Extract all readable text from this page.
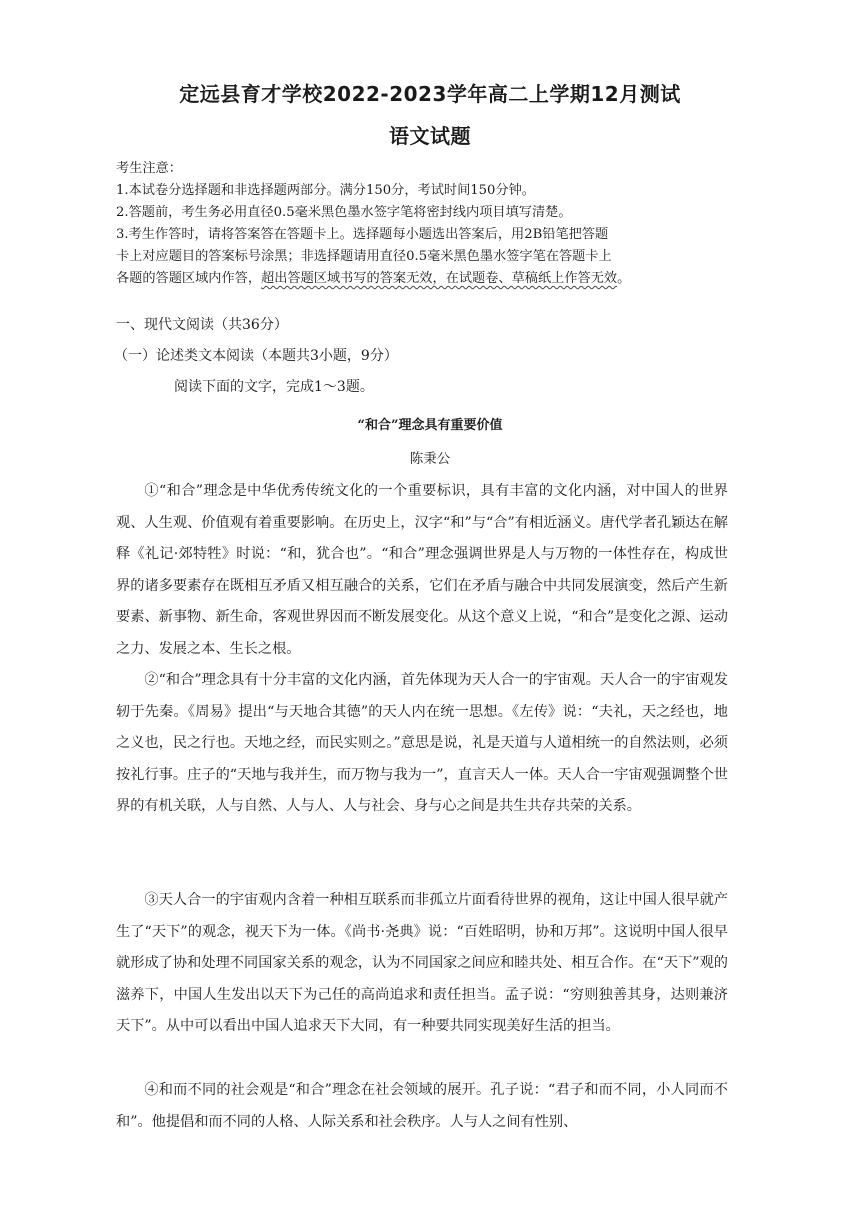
定远县育才学校2022-2023学年高二上学期12月测试
语文试题

考生注意：

1.本试卷分选择题和非选择题两部分。满分150分，考试时间150分钟。

2.答题前，考生务必用直径0.5毫米黑色墨水签字笔将密封线内项目填写清楚。

3.考生作答时，请将答案答在答题卡上。选择题每小题选出答案后，用2B铅笔把答题

卡上对应题目的答案标号涂黑；非选择题请用直径0.5毫米黑色墨水签字笔在答题卡上

各题的答题区域内作答，超出答题区域书写的答案无效，在试题卷、草稿纸上作答无效。

一、现代文阅读（共36分）

（一）论述类文本阅读（本题共3小题，9分）

阅读下面的文字，完成1～3题。

“和合”理念具有重要价值

陈秉公

①“和合”理念是中华优秀传统文化的一个重要标识，具有丰富的文化内涵，对中国人的世界观、人生观、价值观有着重要影响。在历史上，汉字“和”与“合”有相近涵义。唐代学者孔颖达在解释《礼记·郊特牲》时说：“和，犹合也”。“和合”理念强调世界是人与万物的一体性存在，构成世界的诸多要素存在既相互矛盾又相互融合的关系，它们在矛盾与融合中共同发展演变，然后产生新要素、新事物、新生命，客观世界因而不断发展变化。从这个意义上说，“和合”是变化之源、运动之力、发展之本、生长之根。

②“和合”理念具有十分丰富的文化内涵，首先体现为天人合一的宇宙观。天人合一的宇宙观发轫于先秦。《周易》提出“与天地合其德”的天人内在统一思想。《左传》说：“夫礼，天之经也，地之义也，民之行也。天地之经，而民实则之。”意思是说，礼是天道与人道相统一的自然法则，必须按礼行事。庄子的“天地与我并生，而万物与我为一”，直言天人一体。天人合一宇宙观强调整个世界的有机关联，人与自然、人与人、人与社会、身与心之间是共生共存共荣的关系。

③天人合一的宇宙观内含着一种相互联系而非孤立片面看待世界的视角，这让中国人很早就产生了“天下”的观念，视天下为一体。《尚书·尧典》说：“百姓昭明，协和万邦”。这说明中国人很早就形成了协和处理不同国家关系的观念，认为不同国家之间应和睦共处、相互合作。在“天下”观的滋养下，中国人生发出以天下为己任的高尚追求和责任担当。孟子说：“穷则独善其身，达则兼济天下”。从中可以看出中国人追求天下大同，有一种要共同实现美好生活的担当。

④和而不同的社会观是“和合”理念在社会领域的展开。孔子说：“君子和而不同，小人同而不和”。他提倡和而不同的人格、人际关系和社会秩序。人与人之间有性别、
